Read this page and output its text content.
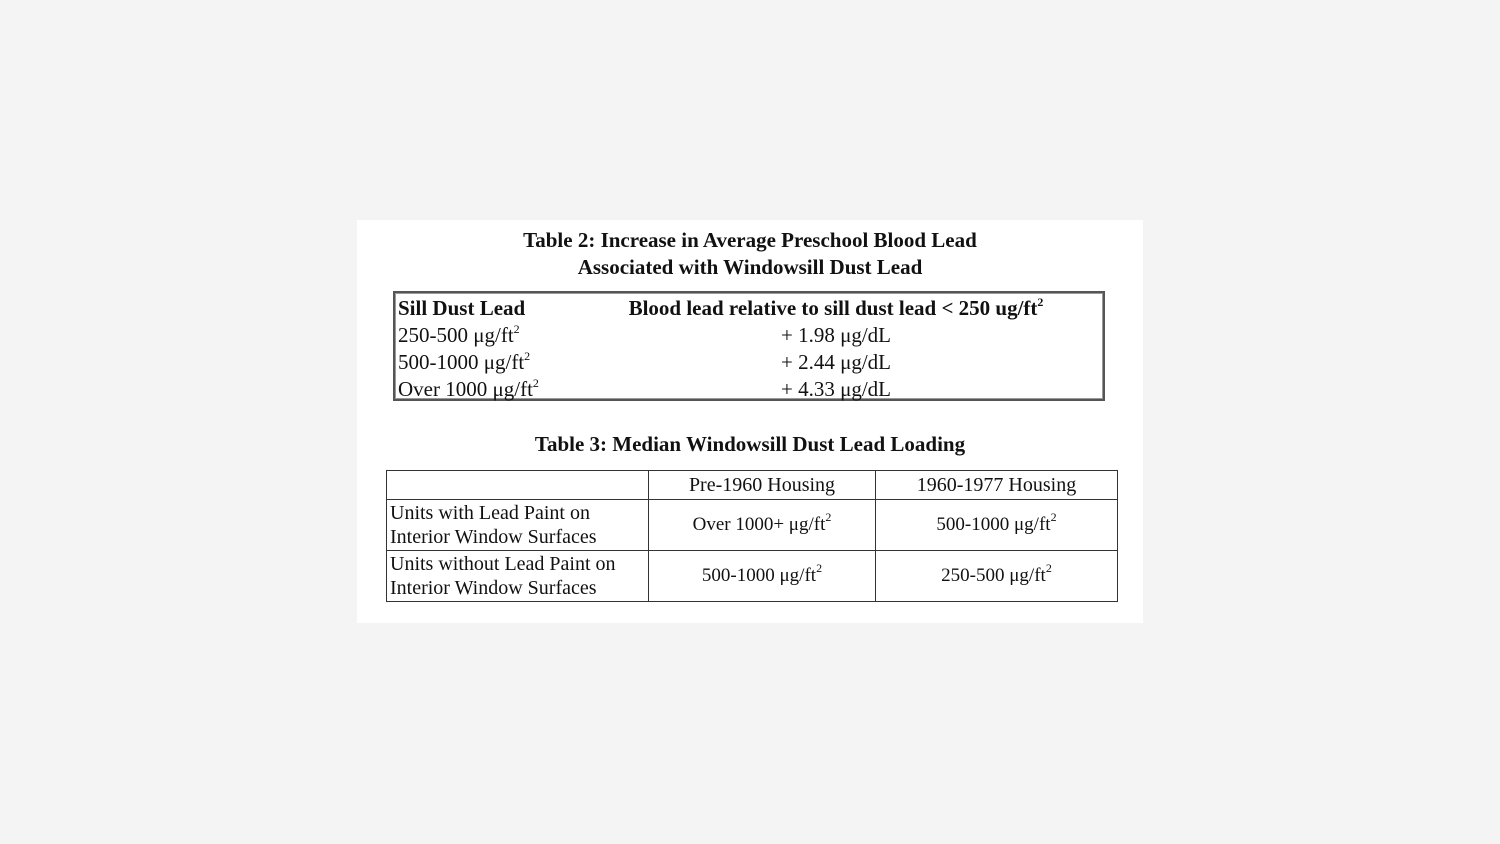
Table 2: Increase in Average Preschool Blood Lead
Associated with Windowsill Dust Lead
Sill Dust Lead	Blood lead relative to sill dust lead < 250 $ug/ft^2$
250-500 $\mu g/ft^2$	+ 1.98 μg/dL
500-1000 $\mu g/ft^2$	+ 2.44 μg/dL
Over 1000 $\mu g/ft^2$	+ 4.33 μg/dL
Table 3: Median Windowsill Dust Lead Loading
	Pre-1960 Housing	1960-1977 Housing

Units with Lead Paint on
Interior Window Surfaces	Over $1000+ \mu g/ft^2$	500-1000 $\mu g/ft^2$

Units without Lead Paint on
Interior Window Surfaces	500-1000 $\mu g/ft^2$	250-500 $\mu g/ft^2$
